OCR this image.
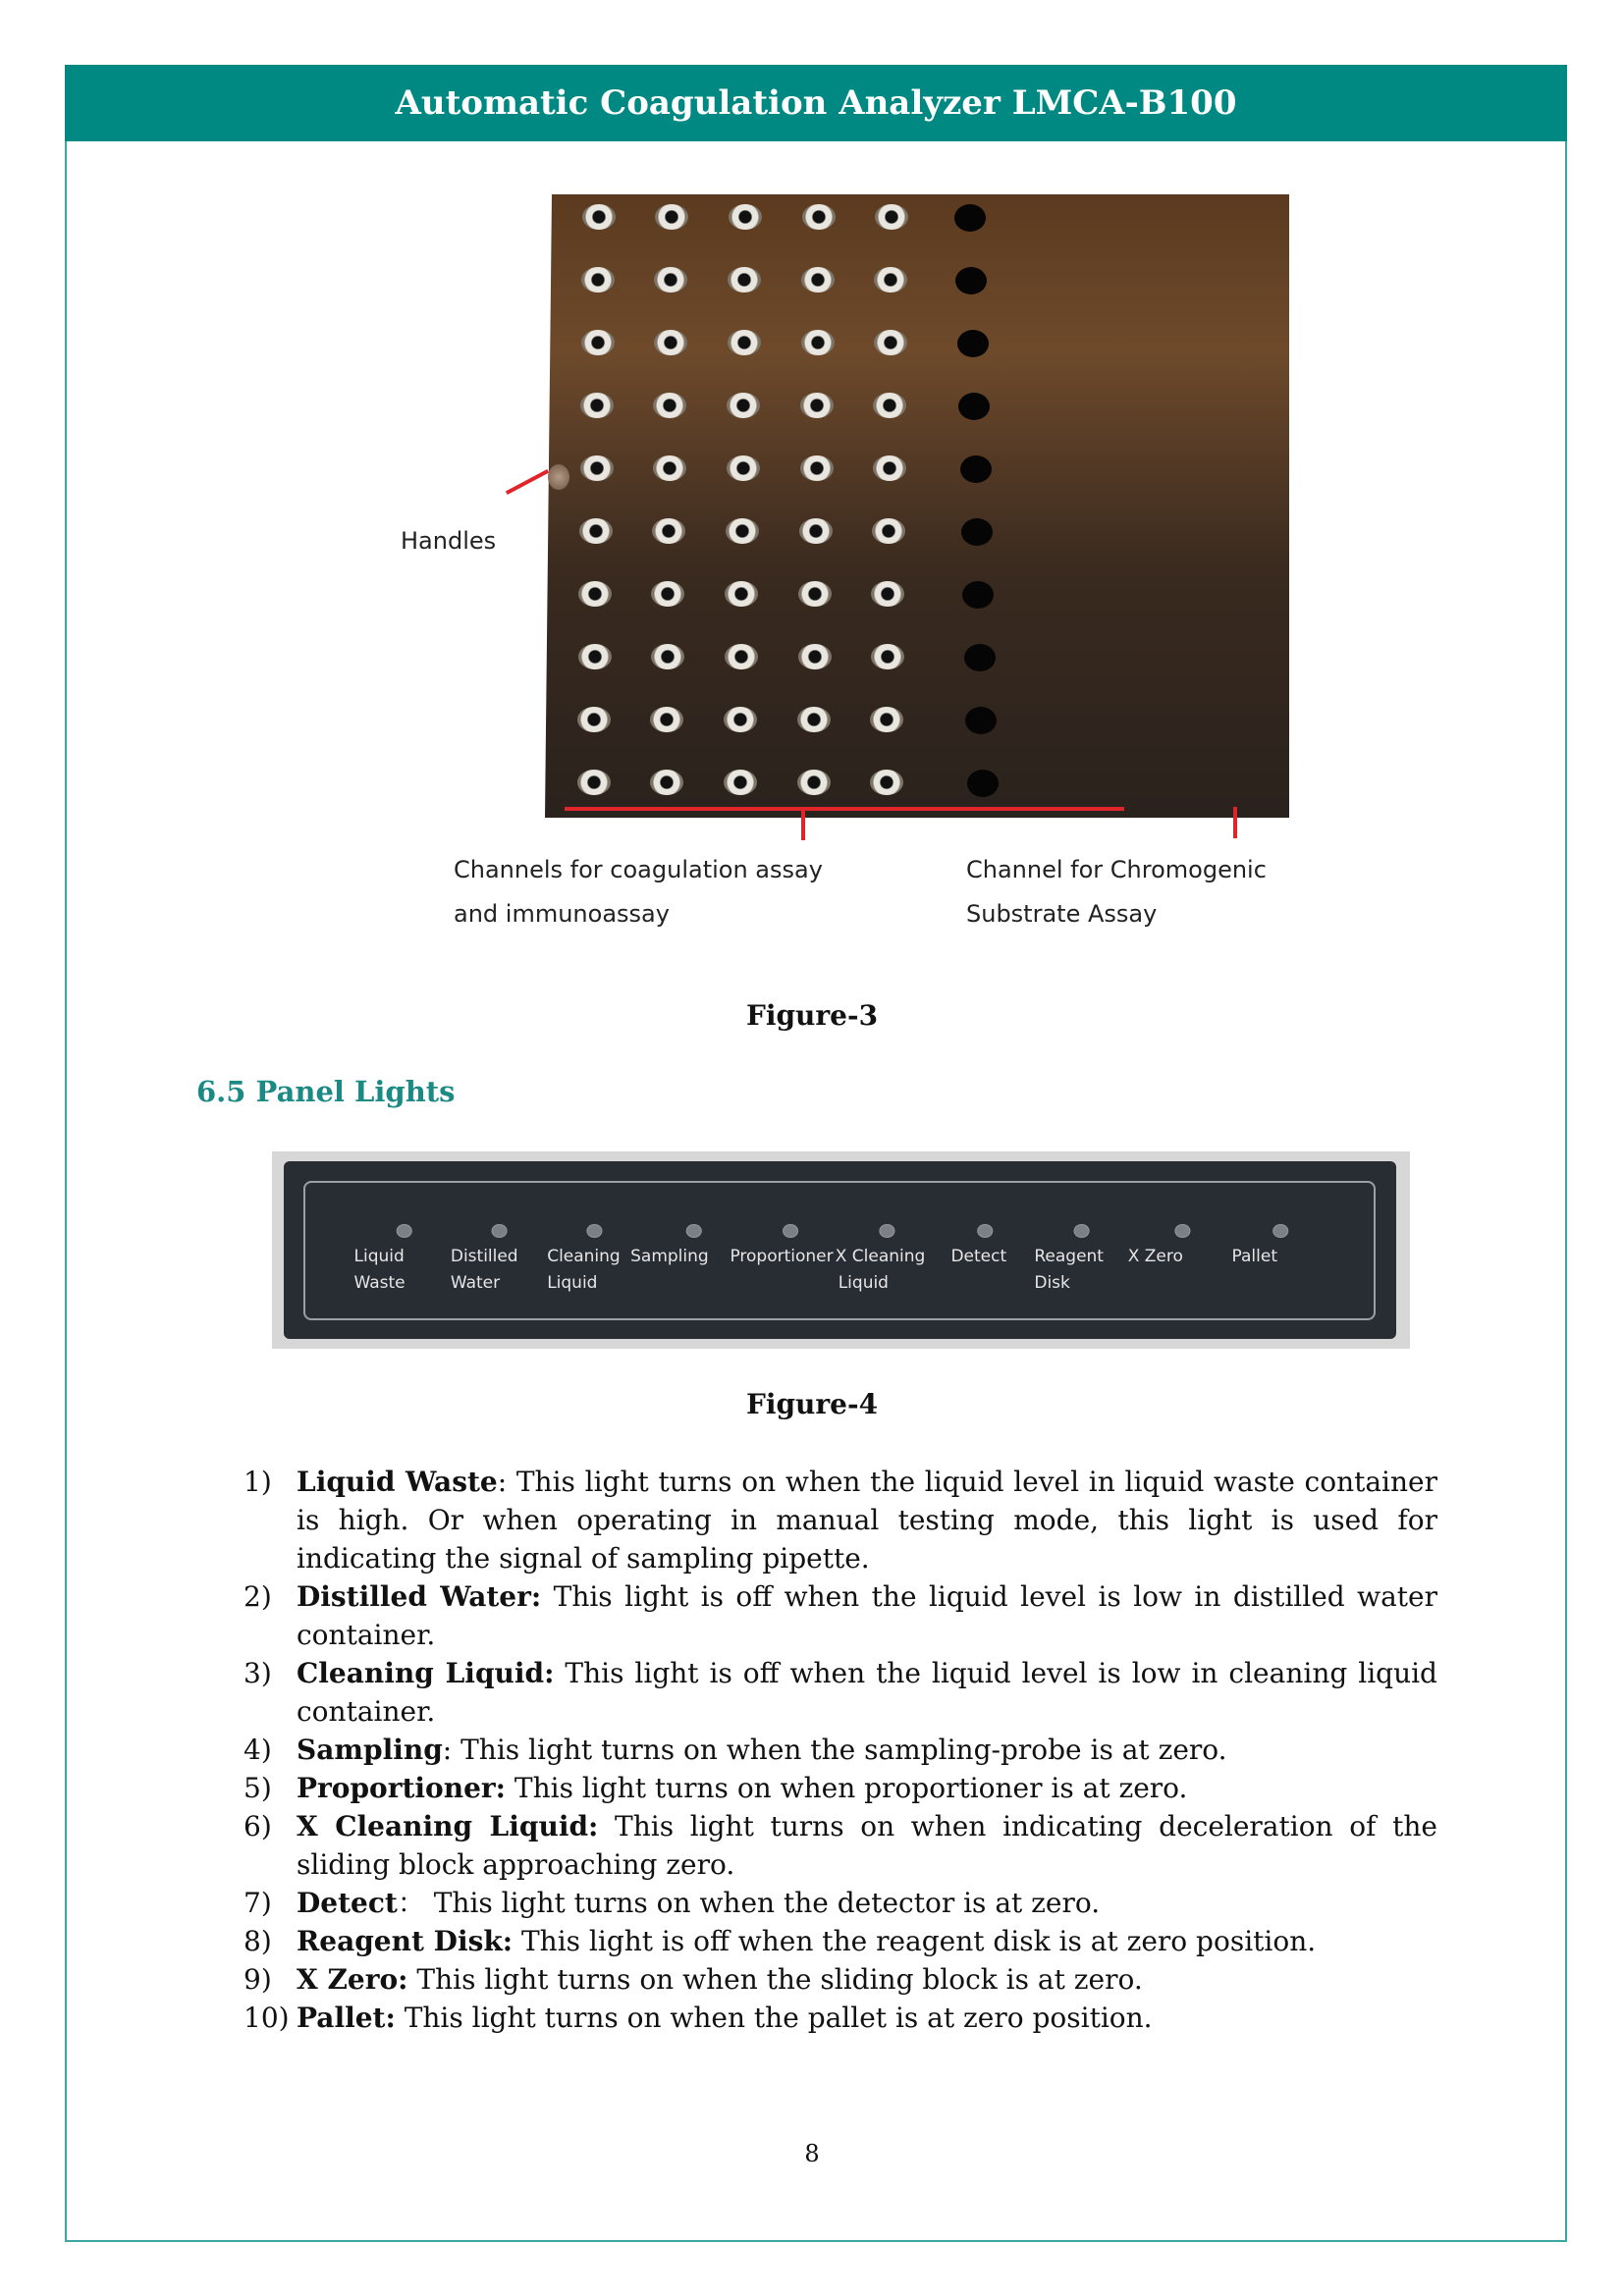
Automatic Coagulation Analyzer LMCA-B100
Handles
Channels for coagulation assay
and immunoassay
Channel for Chromogenic
Substrate Assay
Figure-3
6.5 Panel Lights
Liquid
Waste
Distilled
Water
Cleaning
Liquid
Sampling Proportioner X Cleaning
Liquid
Detect Reagent
Disk
X Zero	Pallet
Figure-4
1) Liquid Waste: This light turns on when the liquid level in liquid waste container is high. Or when operating in manual testing mode, this light is used for indicating the signal of sampling pipette.
2) Distilled Water: This light is off when the liquid level is low in distilled water container.
3) Cleaning Liquid: This light is off when the liquid level is low in cleaning liquid container.
4) Sampling: This light turns on when the sampling-probe is at zero.
5) Proportioner: This light turns on when proportioner is at zero.
6) X Cleaning Liquid: This light turns on when indicating deceleration of the sliding block approaching zero.
7) Detect： This light turns on when the detector is at zero.
8) Reagent Disk: This light is off when the reagent disk is at zero position.
9) X Zero: This light turns on when the sliding block is at zero.
10) Pallet: This light turns on when the pallet is at zero position.
8
